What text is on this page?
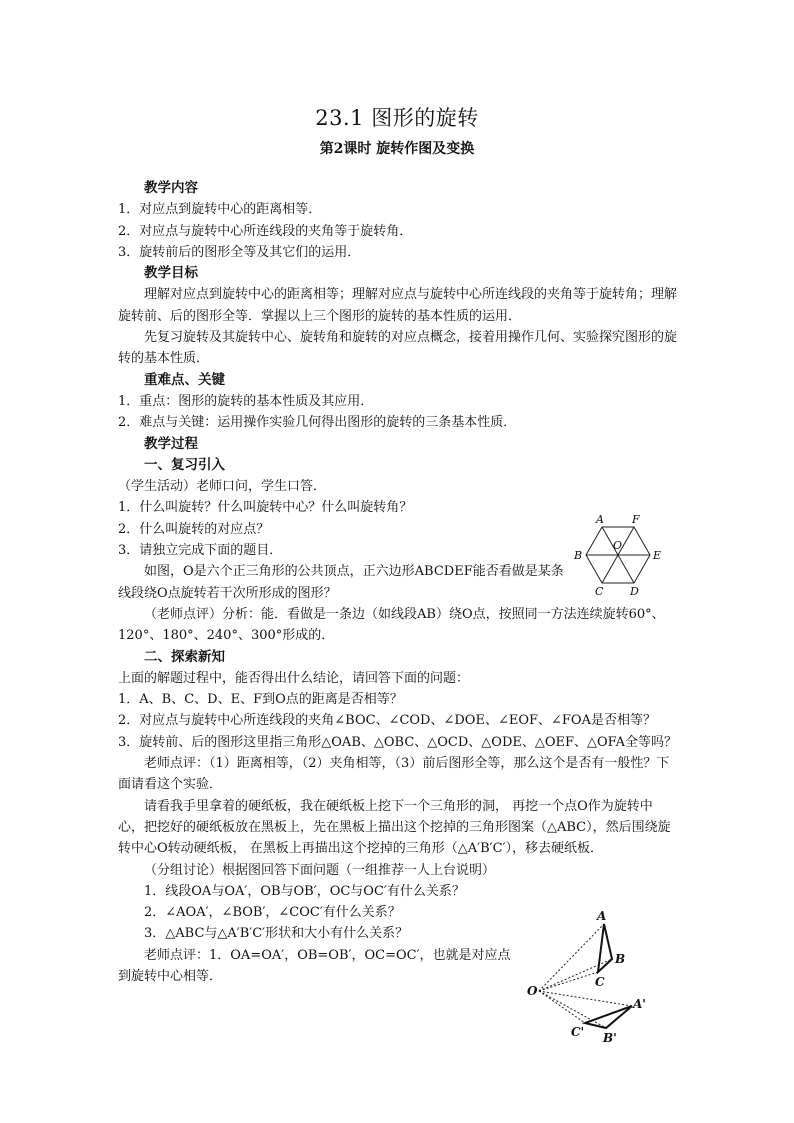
23.1 图形的旋转
第2课时 旋转作图及变换
教学内容
1．对应点到旋转中心的距离相等．
2．对应点与旋转中心所连线段的夹角等于旋转角．
3．旋转前后的图形全等及其它们的运用．
教学目标
理解对应点到旋转中心的距离相等；理解对应点与旋转中心所连线段的夹角等于旋转角；理解旋转前、后的图形全等．掌握以上三个图形的旋转的基本性质的运用．
先复习旋转及其旋转中心、旋转角和旋转的对应点概念，接着用操作几何、实验探究图形的旋转的基本性质．
重难点、关键
1．重点：图形的旋转的基本性质及其应用．
2．难点与关键：运用操作实验几何得出图形的旋转的三条基本性质．
教学过程
一、复习引入
（学生活动）老师口问，学生口答．
1．什么叫旋转？什么叫旋转中心？什么叫旋转角？
2．什么叫旋转的对应点？
3．请独立完成下面的题目．
如图，O是六个正三角形的公共顶点，正六边形ABCDEF能否看做是某条线段绕O点旋转若干次所形成的图形？
（老师点评）分析：能．看做是一条边（如线段AB）绕O点，按照同一方法连续旋转60°、120°、180°、240°、300°形成的．
二、探索新知
上面的解题过程中，能否得出什么结论，请回答下面的问题：
1．A、B、C、D、E、F到O点的距离是否相等？
2．对应点与旋转中心所连线段的夹角∠BOC、∠COD、∠DOE、∠EOF、∠FOA是否相等？
3．旋转前、后的图形这里指三角形△OAB、△OBC、△OCD、△ODE、△OEF、△OFA全等吗？
老师点评：（1）距离相等，（2）夹角相等，（3）前后图形全等，那么这个是否有一般性？下面请看这个实验．
请看我手里拿着的硬纸板，我在硬纸板上挖下一个三角形的洞， 再挖一个点O作为旋转中心，把挖好的硬纸板放在黑板上，先在黑板上描出这个挖掉的三角形图案（△ABC），然后围绕旋转中心O转动硬纸板， 在黑板上再描出这个挖掉的三角形（△A′B′C′），移去硬纸板．
（分组讨论）根据图回答下面问题（一组推荐一人上台说明）
1．线段OA与OA′，OB与OB′，OC与OC′有什么关系？
2．∠AOA′，∠BOB′，∠COC′有什么关系？
3．△ABC与△A′B′C′形状和大小有什么关系？
老师点评：1．OA=OA′，OB=OB′，OC=OC′，也就是对应点到旋转中心相等．
A	F
O
B	E
C D
A
B
C
O
A'
C' B'
